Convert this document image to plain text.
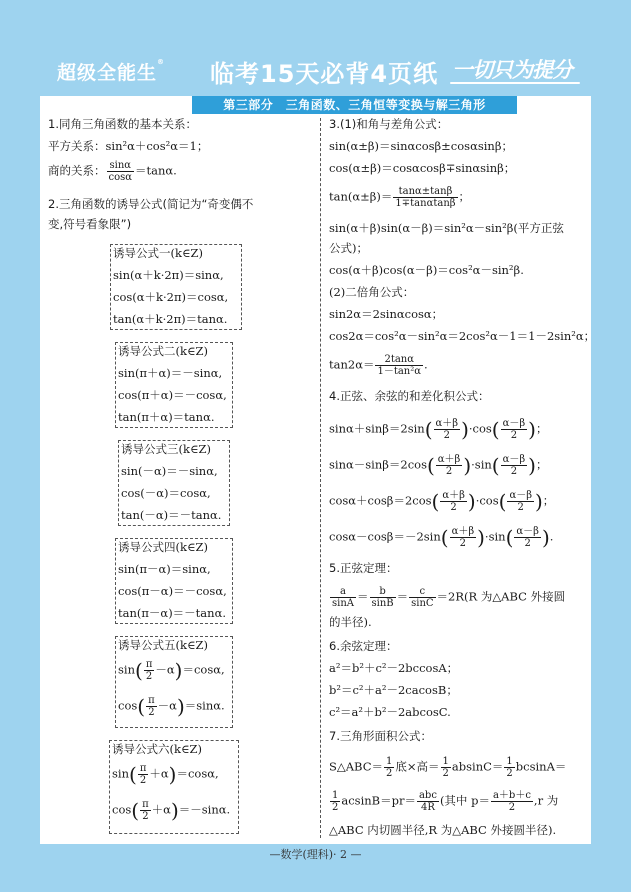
超级全能生® 临考15天必背4页纸 一切只为提分
第三部分　三角函数、三角恒等变换与解三角形
1.同角三角函数的基本关系：
平方关系：sin²α＋cos²α＝1；
商的关系： $\frac{\sin\alpha}{\cos\alpha} =\tan\alpha$.
2.三角函数的诱导公式(简记为“奇变偶不
变,符号看象限”)
诱导公式一(k∈Z)
sin(α＋k·2π)＝sinα,
cos(α＋k·2π)＝cosα,
tan(α＋k·2π)＝tanα.
诱导公式二(k∈Z)
sin(π＋α)＝－sinα,
cos(π＋α)＝－cosα,
tan(π＋α)＝tanα.
诱导公式三(k∈Z)
sin(－α)＝－sinα,
cos(－α)＝cosα,
tan(－α)＝－tanα.
诱导公式四(k∈Z)
sin(π－α)＝sinα,
cos(π－α)＝－cosα,
tan(π－α)＝－tanα.
诱导公式五(k∈Z)
$\sin( \frac{\pi}{2} -\alpha)=\cos\alpha$,
$\cos( \frac{\pi}{2} -\alpha)=\sin\alpha$.
诱导公式六(k∈Z)
$\sin( \frac{\pi}{2} +\alpha)=\cos\alpha$,
$\cos( \frac{\pi}{2} +\alpha)=-\sin\alpha$.
3.(1)和角与差角公式：
sin(α±β)＝sinαcosβ±cosαsinβ；
cos(α±β)＝cosαcosβ∓sinαsinβ；
$\tan(\alpha\pm\beta)= \frac{\tan\alpha\pm\tan\beta}{1\mp\tan\alpha\tan\beta}$ ；
sin(α＋β)sin(α－β)＝sin²α－sin²β(平方正弦
公式)；
cos(α＋β)cos(α－β)＝cos²α－sin²β.
(2)二倍角公式：
sin2α＝2sinαcosα；
cos2α＝cos²α－sin²α＝2cos²α－1＝1－2sin²α；
$\tan 2\alpha= \frac{2\tan\alpha}{\text{1－tan²α}}$ .
4.正弦、余弦的和差化积公式：
$\sin\alpha+\sin\beta=2\sin( \frac{\alpha+\beta}{2} )\cdot\cos( \frac{\alpha-\beta}{2}$ )；
$\sin\alpha-\sin\beta=2\cos( \frac{\alpha+\beta}{2} )\cdot\sin( \frac{\alpha-\beta}{2}$ )；
$\cos\alpha+\cos\beta=2\cos( \frac{\alpha+\beta}{2} )\cdot\cos( \frac{\alpha-\beta}{2}$ )；
$\cos\alpha-\cos\beta=-2\sin( \frac{\alpha+\beta}{2} )\cdot\sin( \frac{\alpha-\beta}{2}$ ).
5.正弦定理：
$\frac{a}{\sin A} = \frac{b}{\sin B} = \frac{c}{\sin C} =2R(R$ 为△ABC 外接圆
的半径).
6.余弦定理：
a²＝b²＋c²－2bccosA；
b²＝c²＋a²－2cacosB；
c²＝a²＋b²－2abcosC.
7.三角形面积公式：
S△ABC＝ $\frac{1}{2}$ 底×高＝ $\frac{1}{2} absinC= \frac{1}{2} bcsinA=$
$\frac{1}{2} acsinB=pr= \frac{\text{abc}}{4R}$ (其中 $p= \frac{a+b+c}{2} ,r$ 为
△ABC 内切圆半径,R 为△ABC 外接圆半径).
—数学(理科)· 2 —
